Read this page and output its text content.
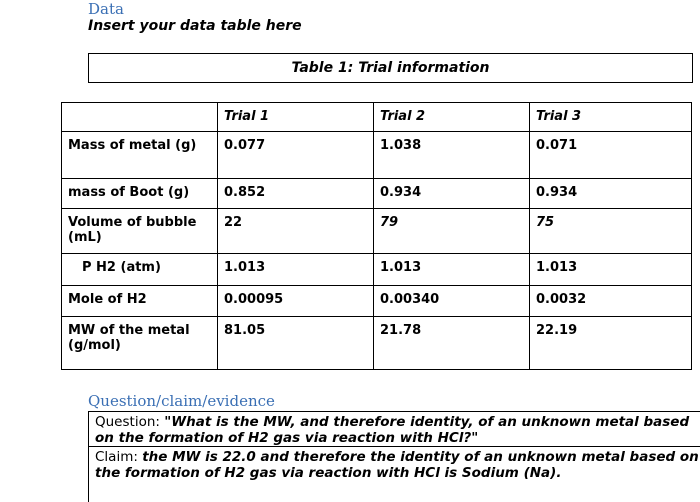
Data
Insert your data table here
Table 1: Trial information
	Trial 1	Trial 2	Trial 3
Mass of metal (g)	0.077	1.038	0.071
mass of Boot (g)	0.852	0.934	0.934
Volume of bubble (mL)	22	79	75
P H2 (atm)	1.013	1.013	1.013
Mole of H2	0.00095	0.00340	0.0032
MW of the metal (g/mol)	81.05	21.78	22.19
Question/claim/evidence
Question: "What is the MW, and therefore identity, of an unknown metal based on the formation of H2 gas via reaction with HCl?"
Claim: the MW is 22.0 and therefore the identity of an unknown metal based on the formation of H2 gas via reaction with HCl is Sodium (Na).
